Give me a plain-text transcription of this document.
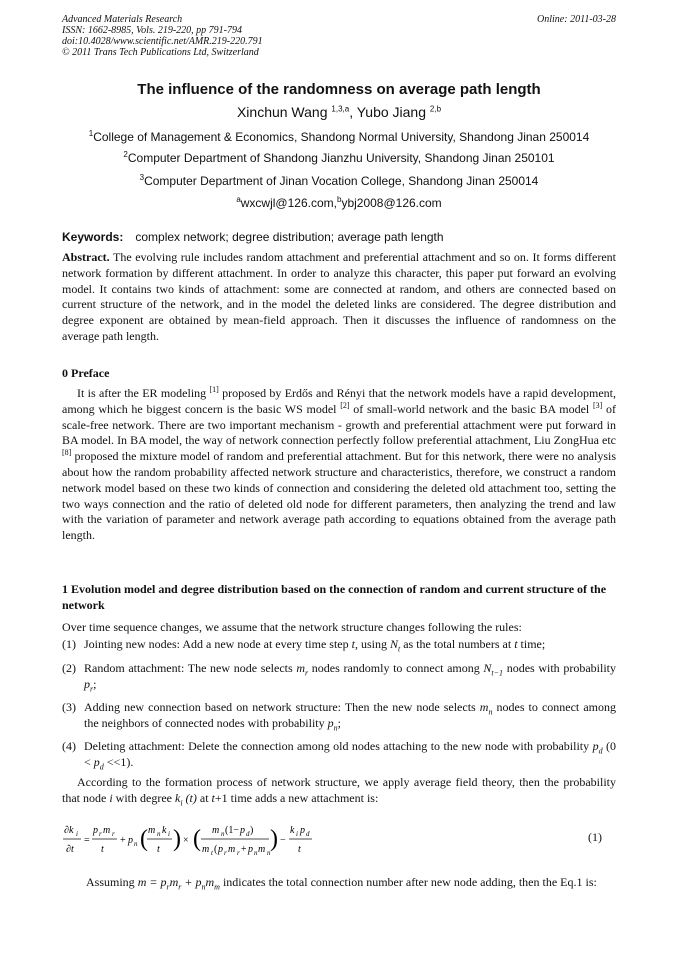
Advanced Materials Research
ISSN: 1662-8985, Vols. 219-220, pp 791-794
doi:10.4028/www.scientific.net/AMR.219-220.791
© 2011 Trans Tech Publications Ltd, Switzerland
Online: 2011-03-28
The influence of the randomness on average path length
Xinchun Wang $^{1,3,a}$, Yubo Jiang $^{2,b}$
$^1$College of Management & Economics, Shandong Normal University, Shandong Jinan 250014
$^2$Computer Department of Shandong Jianzhu University, Shandong Jinan 250101
$^3$Computer Department of Jinan Vocation College, Shandong Jinan 250014
$^a$wxcwjl@126.com,$^b$ybj2008@126.com
Keywords: complex network; degree distribution; average path length
Abstract. The evolving rule includes random attachment and preferential attachment and so on. It forms different network formation by different attachment. In order to analyze this character, this paper put forward an evolving model. It contains two kinds of attachment: some are connected at random, and others are connected based on current structure of the network, and in the model the deleted links are considered. The degree distribution and degree exponent are obtained by mean-field approach. Then it discusses the influence of randomness on the average path length.
0 Preface
It is after the ER modeling [1] proposed by Erdős and Rényi that the network models have a rapid development, among which he biggest concern is the basic WS model [2] of small-world network and the basic BA model [3] of scale-free network. There are two important mechanism - growth and preferential attachment were put forward in BA model. In BA model, the way of network connection perfectly follow preferential attachment, Liu ZongHua etc [8] proposed the mixture model of random and preferential attachment. But for this network, there were no analysis about how the random probability affected network structure and characteristics, therefore, we construct a random network model based on these two kinds of connection and considering the deleted old attachment too, setting the two ways connection and the ratio of deleted old node for different parameters, then analyzing the trend and law with the variation of parameter and network average path according to equations obtained from the average path length.
1 Evolution model and degree distribution based on the connection of random and current structure of the network
Over time sequence changes, we assume that the network structure changes following the rules:
(1) Jointing new nodes: Add a new node at every time step t, using $N_t$ as the total numbers at t time;
(2) Random attachment: The new node selects $m_r$ nodes randomly to connect among $N_{t-1}$ nodes with probability $p_r$;
(3) Adding new connection based on network structure: Then the new node selects $m_n$ nodes to connect among the neighbors of connected nodes with probability $p_n$;
(4) Deleting attachment: Delete the connection among old nodes attaching to the new node with probability $p_d$ $(0 < p_d <<1)$.
According to the formation process of network structure, we apply average field theory, then the probability that node i with degree $k_i$ (t) at t+1 time adds a new attachment is:
∂k i
∂t
=
p r m r
t
+ p n ( m n k i
t ) × ( m n (1− p d )
m t ( p r m r + p n m n
) −
k i p d
t
(1)
Assuming $m = p_rm_r + p_nm_m$ indicates the total connection number after new node adding, then the Eq.1 is:
